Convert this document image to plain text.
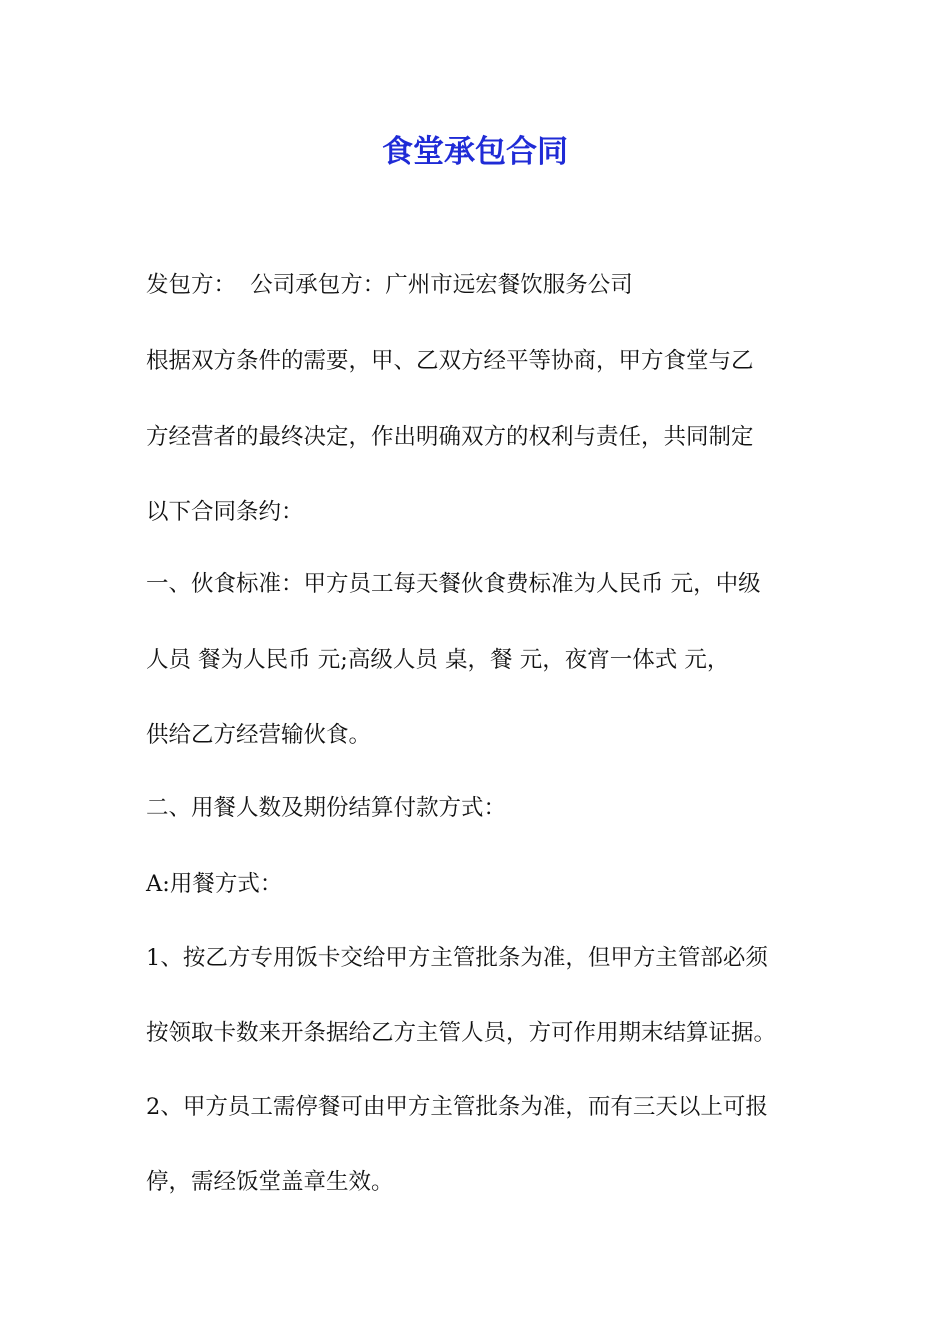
食堂承包合同

发包方：  公司承包方：广州市远宏餐饮服务公司

根据双方条件的需要，甲、乙双方经平等协商，甲方食堂与乙

方经营者的最终决定，作出明确双方的权利与责任，共同制定

以下合同条约：

一、伙食标准：甲方员工每天餐伙食费标准为人民币 元，中级

人员 餐为人民币 元;高级人员 桌，餐 元，夜宵一体式 元，

供给乙方经营输伙食。

二、用餐人数及期份结算付款方式：

A:用餐方式：

1、按乙方专用饭卡交给甲方主管批条为准，但甲方主管部必须

按领取卡数来开条据给乙方主管人员，方可作用期末结算证据。

2、甲方员工需停餐可由甲方主管批条为准，而有三天以上可报

停，需经饭堂盖章生效。
